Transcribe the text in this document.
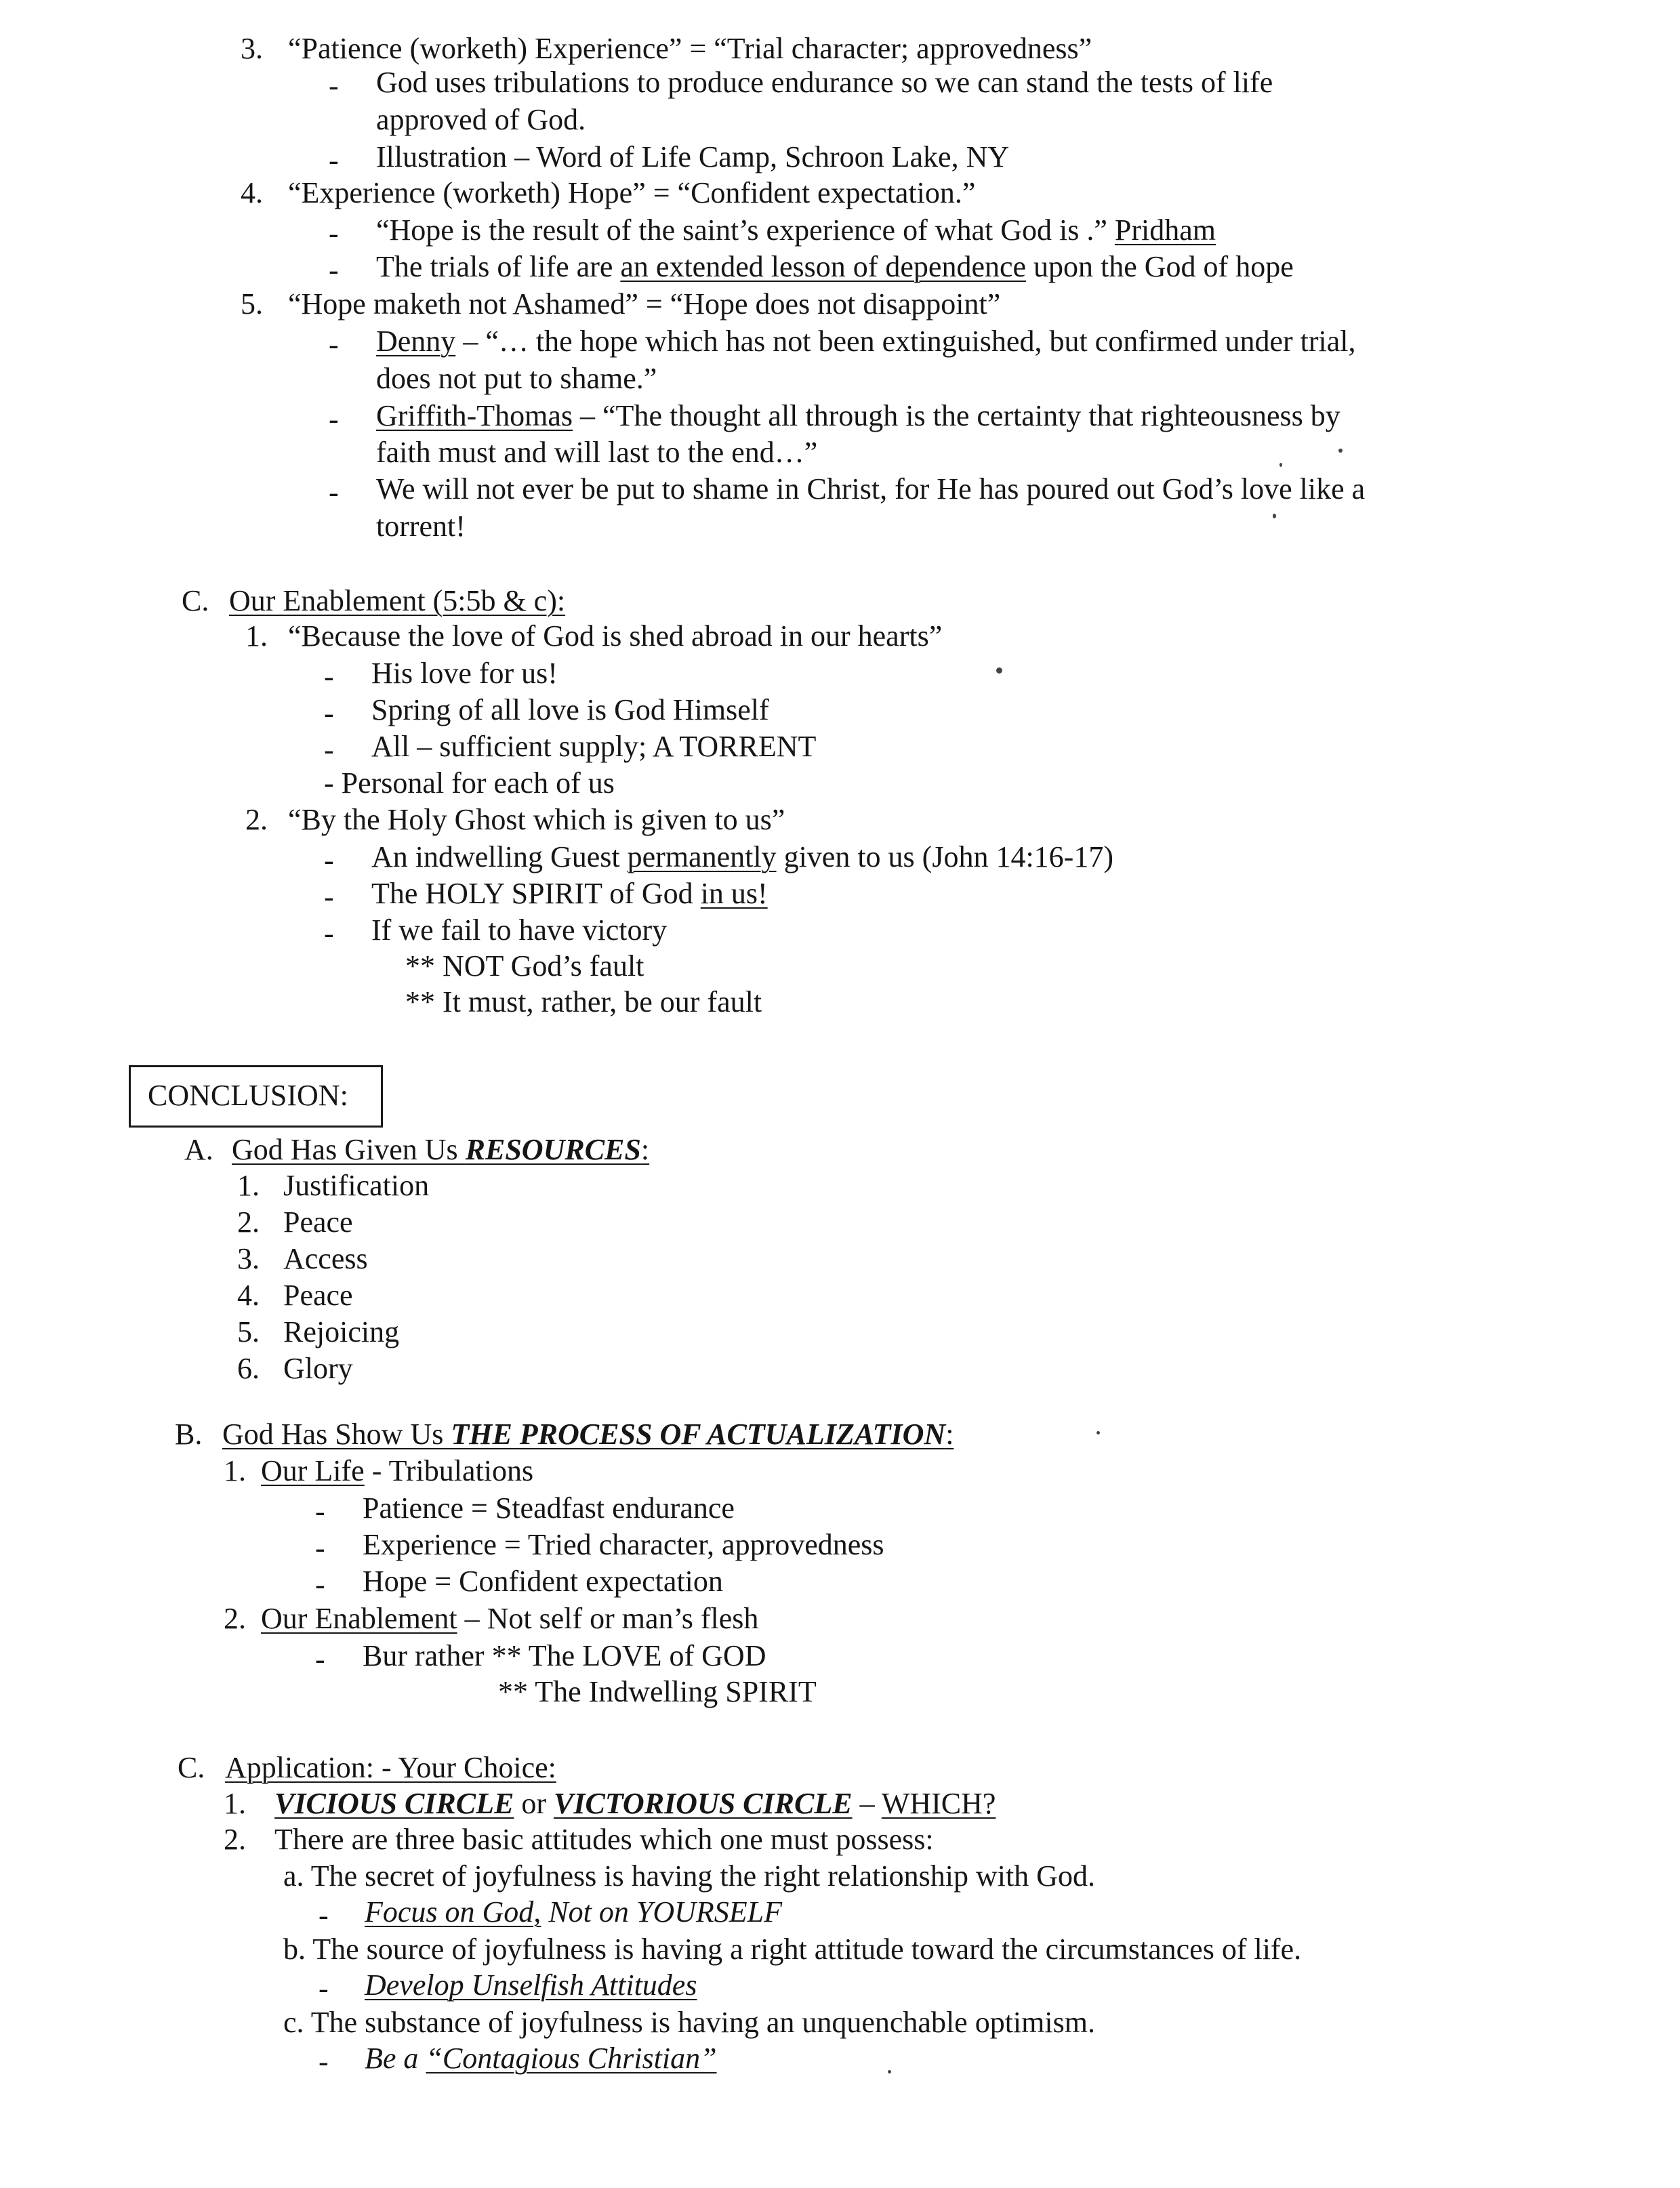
3. “Patience (worketh) Experience” = “Trial character; approvedness”
- God uses tribulations to produce endurance so we can stand the tests of life
approved of God.
- Illustration – Word of Life Camp, Schroon Lake, NY
4. “Experience (worketh) Hope” = “Confident expectation.”
- “Hope is the result of the saint’s experience of what God is .” Pridham
- The trials of life are an extended lesson of dependence upon the God of hope
5. “Hope maketh not Ashamed” = “Hope does not disappoint”
- Denny – “… the hope which has not been extinguished, but confirmed under trial,
does not put to shame.”
- Griffith-Thomas – “The thought all through is the certainty that righteousness by
faith must and will last to the end…”
- We will not ever be put to shame in Christ, for He has poured out God’s love like a
torrent!
C. Our Enablement (5:5b & c):
1. “Because the love of God is shed abroad in our hearts”
- His love for us!
- Spring of all love is God Himself
- All – sufficient supply; A TORRENT
- Personal for each of us
2. “By the Holy Ghost which is given to us”
- An indwelling Guest permanently given to us (John 14:16-17)
- The HOLY SPIRIT of God in us!
- If we fail to have victory
** NOT God’s fault
** It must, rather, be our fault
CONCLUSION:
A. God Has Given Us RESOURCES:
1. Justification
2. Peace
3. Access
4. Peace
5. Rejoicing
6. Glory
B. God Has Show Us THE PROCESS OF ACTUALIZATION:
1. Our Life - Tribulations
- Patience = Steadfast endurance
- Experience = Tried character, approvedness
- Hope = Confident expectation
2. Our Enablement – Not self or man’s flesh
- Bur rather ** The LOVE of GOD
** The Indwelling SPIRIT
C. Application: - Your Choice:
1. VICIOUS CIRCLE or VICTORIOUS CIRCLE – WHICH?
2. There are three basic attitudes which one must possess:
a. The secret of joyfulness is having the right relationship with God.
- Focus on God, Not on YOURSELF
b. The source of joyfulness is having a right attitude toward the circumstances of life.
- Develop Unselfish Attitudes
c. The substance of joyfulness is having an unquenchable optimism.
- Be a “Contagious Christian”
